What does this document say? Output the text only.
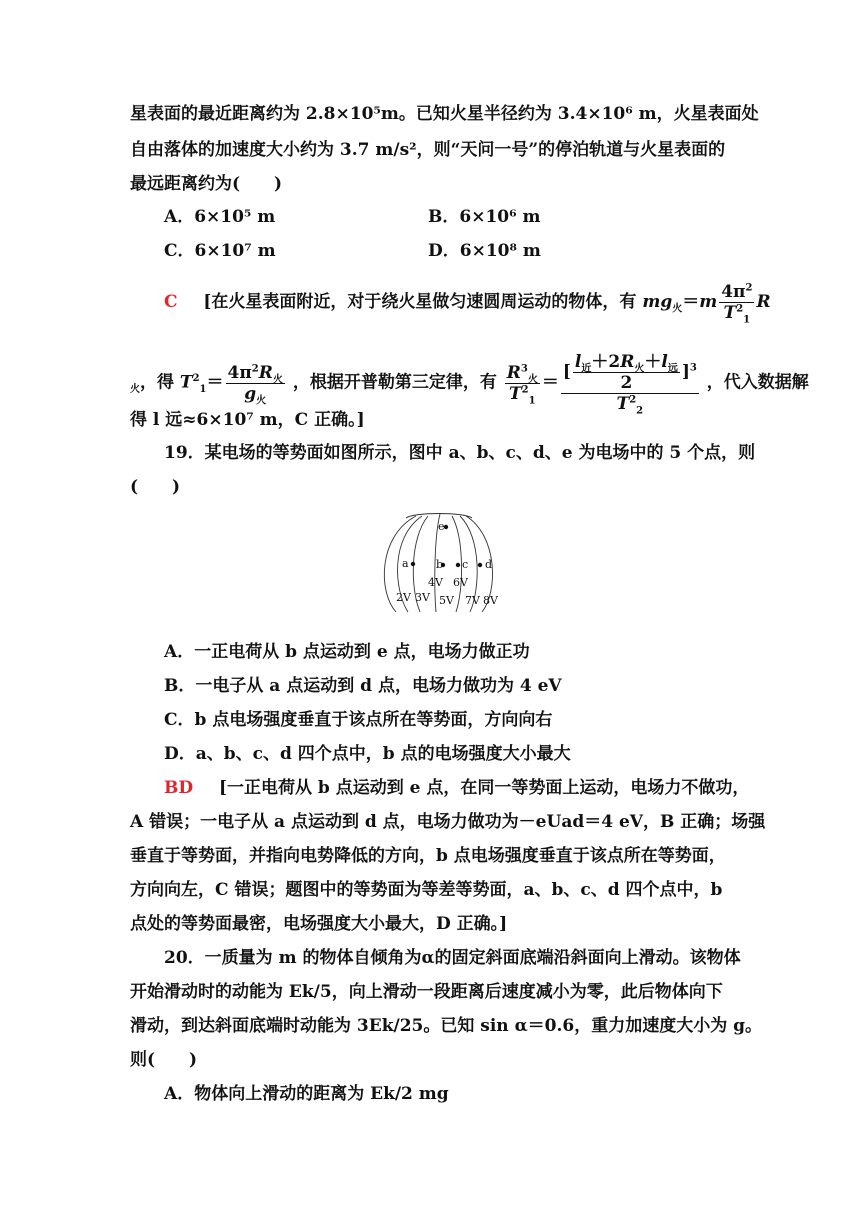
星表面的最近距离约为 2.8×10⁵m。已知火星半径约为 3.4×10⁶ m，火星表面处
自由落体的加速度大小约为 3.7 m/s²，则“天问一号”的停泊轨道与火星表面的
最远距离约为(　　)
A．6×10⁵ m	B．6×10⁶ m
C．6×10⁷ m	D．6×10⁸ m
C [在火星表面附近，对于绕火星做匀速圆周运动的物体，有 $mg_火=m \frac{4\pi^2}{T^2_1}$ R
$_火$，得 $T^2_1= \frac{4\pi^2R_火}{g_火}$ ，根据开普勒第三定律，有 $\frac{R^3_火}{T^2_1} = \frac{[ \frac{l_近+2R_火+l_远}{2} ]^3}{T^2_2}$ ，代入数据解
得 l 远≈6×10⁷ m，C 正确。]
19．某电场的等势面如图所示，图中 a、b、c、d、e 为电场中的 5 个点，则
(　　)
a
e
b c d
4V 6V
2V 3V 5V 7V 8V
A．一正电荷从 b 点运动到 e 点，电场力做正功
B．一电子从 a 点运动到 d 点，电场力做功为 4 eV
C．b 点电场强度垂直于该点所在等势面，方向向右
D．a、b、c、d 四个点中，b 点的电场强度大小最大
BD [一正电荷从 b 点运动到 e 点，在同一等势面上运动，电场力不做功，
A 错误；一电子从 a 点运动到 d 点，电场力做功为－eUad＝4 eV，B 正确；场强
垂直于等势面，并指向电势降低的方向，b 点电场强度垂直于该点所在等势面，
方向向左，C 错误；题图中的等势面为等差等势面，a、b、c、d 四个点中，b
点处的等势面最密，电场强度大小最大，D 正确。]
20．一质量为 m 的物体自倾角为α的固定斜面底端沿斜面向上滑动。该物体
开始滑动时的动能为 Ek/5，向上滑动一段距离后速度减小为零，此后物体向下
滑动，到达斜面底端时动能为 3Ek/25。已知 sin α＝0.6，重力加速度大小为 g。
则(　　)
A．物体向上滑动的距离为 Ek/2 mg
